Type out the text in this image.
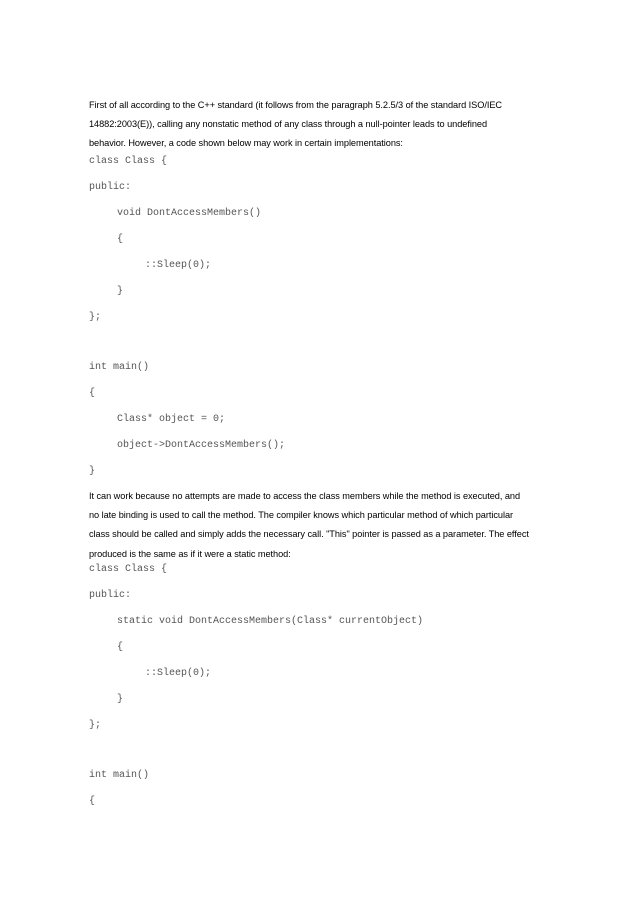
First of all according to the C++ standard (it follows from the paragraph 5.2.5/3 of the standard ISO/IEC
14882:2003(E)), calling any nonstatic method of any class through a null-pointer leads to undefined
behavior. However, a code shown below may work in certain implementations:
class Class {
public:
void DontAccessMembers()
{
::Sleep(0);
}
};
int main()
{
Class* object = 0;
object->DontAccessMembers();
}
It can work because no attempts are made to access the class members while the method is executed, and
no late binding is used to call the method. The compiler knows which particular method of which particular
class should be called and simply adds the necessary call. "This" pointer is passed as a parameter. The effect
produced is the same as if it were a static method:
class Class {
public:
static void DontAccessMembers(Class* currentObject)
{
::Sleep(0);
}
};
int main()
{
